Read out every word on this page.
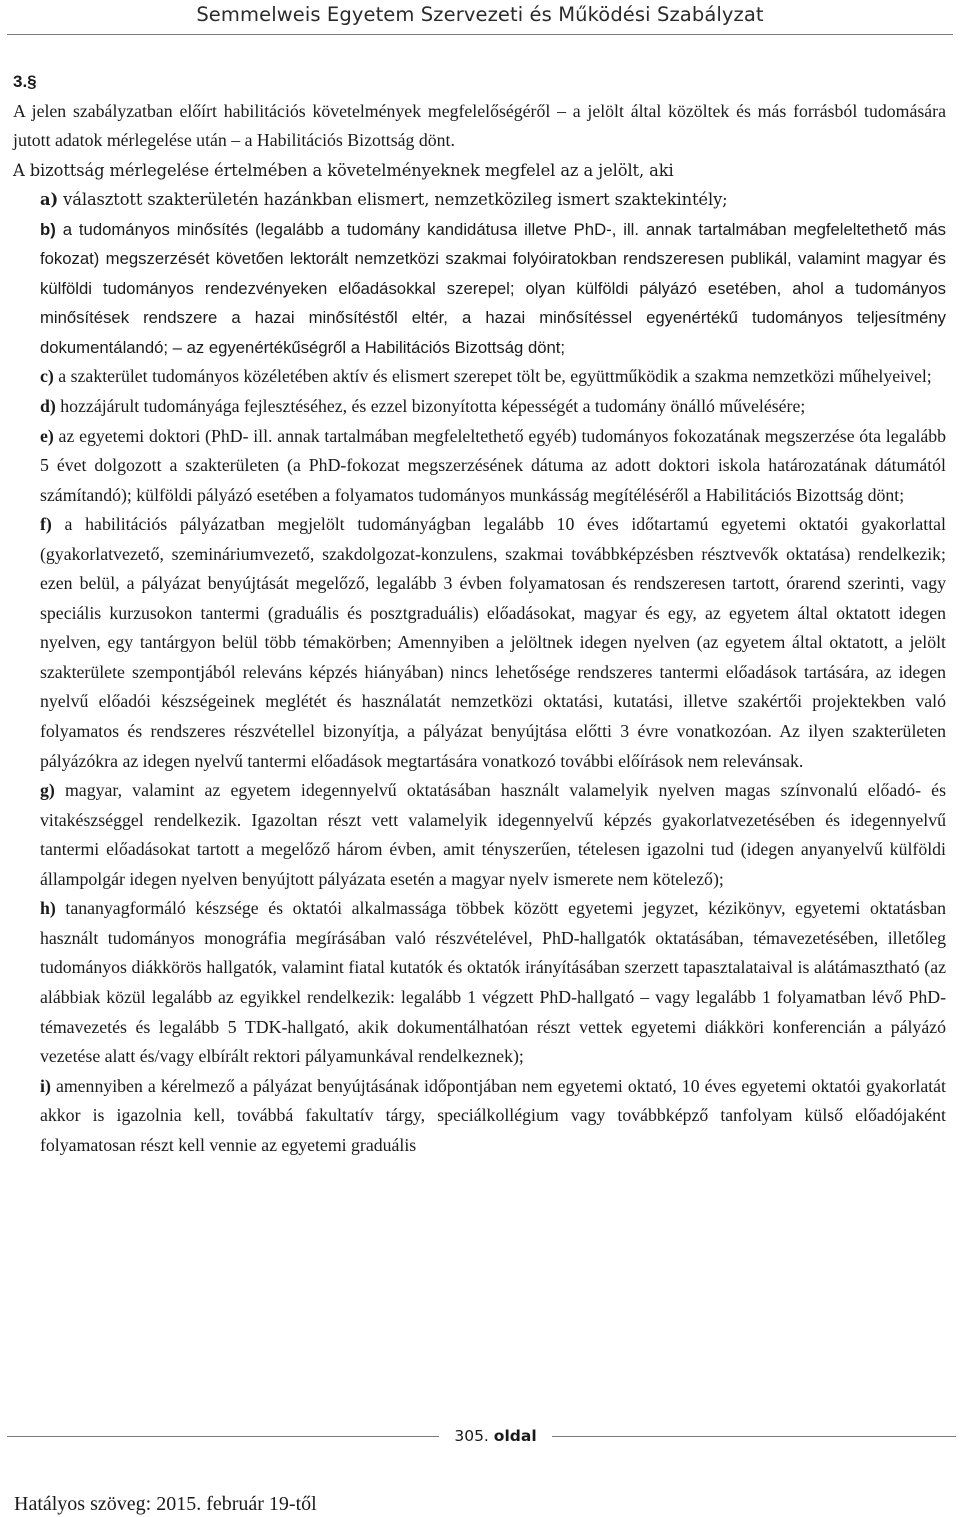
Semmelweis Egyetem Szervezeti és Működési Szabályzat

3.§

A jelen szabályzatban előírt habilitációs követelmények megfelelőségéről – a jelölt által közöltek és más forrásból tudomására jutott adatok mérlegelése után – a Habilitációs Bizottság dönt.

A bizottság mérlegelése értelmében a követelményeknek megfelel az a jelölt, aki

a) választott szakterületén hazánkban elismert, nemzetközileg ismert szaktekintély;

b) a tudományos minősítés (legalább a tudomány kandidátusa illetve PhD-, ill. annak tartalmában megfeleltethető más fokozat) megszerzését követően lektorált nemzetközi szakmai folyóiratokban rendszeresen publikál, valamint magyar és külföldi tudományos rendezvényeken előadásokkal szerepel; olyan külföldi pályázó esetében, ahol a tudományos minősítések rendszere a hazai minősítéstől eltér, a hazai minősítéssel egyenértékű tudományos teljesítmény dokumentálandó; – az egyenértékűségről a Habilitációs Bizottság dönt;

c) a szakterület tudományos közéletében aktív és elismert szerepet tölt be, együttműködik a szakma nemzetközi műhelyeivel;

d) hozzájárult tudományága fejlesztéséhez, és ezzel bizonyította képességét a tudomány önálló művelésére;

e) az egyetemi doktori (PhD- ill. annak tartalmában megfeleltethető egyéb) tudományos fokozatának megszerzése óta legalább 5 évet dolgozott a szakterületen (a PhD-fokozat megszerzésének dátuma az adott doktori iskola határozatának dátumától számítandó); külföldi pályázó esetében a folyamatos tudományos munkásság megítéléséről a Habilitációs Bizottság dönt;

f) a habilitációs pályázatban megjelölt tudományágban legalább 10 éves időtartamú egyetemi oktatói gyakorlattal (gyakorlatvezető, szemináriumvezető, szakdolgozat-konzulens, szakmai továbbképzésben résztvevők oktatása) rendelkezik; ezen belül, a pályázat benyújtását megelőző, legalább 3 évben folyamatosan és rendszeresen tartott, órarend szerinti, vagy speciális kurzusokon tantermi (graduális és posztgraduális) előadásokat, magyar és egy, az egyetem által oktatott idegen nyelven, egy tantárgyon belül több témakörben; Amennyiben a jelöltnek idegen nyelven (az egyetem által oktatott, a jelölt szakterülete szempontjából releváns képzés hiányában) nincs lehetősége rendszeres tantermi előadások tartására, az idegen nyelvű előadói készségeinek meglétét és használatát nemzetközi oktatási, kutatási, illetve szakértői projektekben való folyamatos és rendszeres részvétellel bizonyítja, a pályázat benyújtása előtti 3 évre vonatkozóan. Az ilyen szakterületen pályázókra az idegen nyelvű tantermi előadások megtartására vonatkozó további előírások nem relevánsak.

g) magyar, valamint az egyetem idegennyelvű oktatásában használt valamelyik nyelven magas színvonalú előadó- és vitakészséggel rendelkezik. Igazoltan részt vett valamelyik idegennyelvű képzés gyakorlatvezetésében és idegennyelvű tantermi előadásokat tartott a megelőző három évben, amit tényszerűen, tételesen igazolni tud (idegen anyanyelvű külföldi állampolgár idegen nyelven benyújtott pályázata esetén a magyar nyelv ismerete nem kötelező);

h) tananyagformáló készsége és oktatói alkalmassága többek között egyetemi jegyzet, kézikönyv, egyetemi oktatásban használt tudományos monográfia megírásában való részvételével, PhD-hallgatók oktatásában, témavezetésében, illetőleg tudományos diákkörös hallgatók, valamint fiatal kutatók és oktatók irányításában szerzett tapasztalataival is alátámasztható (az alábbiak közül legalább az egyikkel rendelkezik: legalább 1 végzett PhD-hallgató – vagy legalább 1 folyamatban lévő PhD-témavezetés és legalább 5 TDK-hallgató, akik dokumentálhatóan részt vettek egyetemi diákköri konferencián a pályázó vezetése alatt és/vagy elbírált rektori pályamunkával rendelkeznek);

i) amennyiben a kérelmező a pályázat benyújtásának időpontjában nem egyetemi oktató, 10 éves egyetemi oktatói gyakorlatát akkor is igazolnia kell, továbbá fakultatív tárgy, speciálkollégium vagy továbbképző tanfolyam külső előadójaként folyamatosan részt kell vennie az egyetemi graduális

305. oldal
Hatályos szöveg: 2015. február 19-től
